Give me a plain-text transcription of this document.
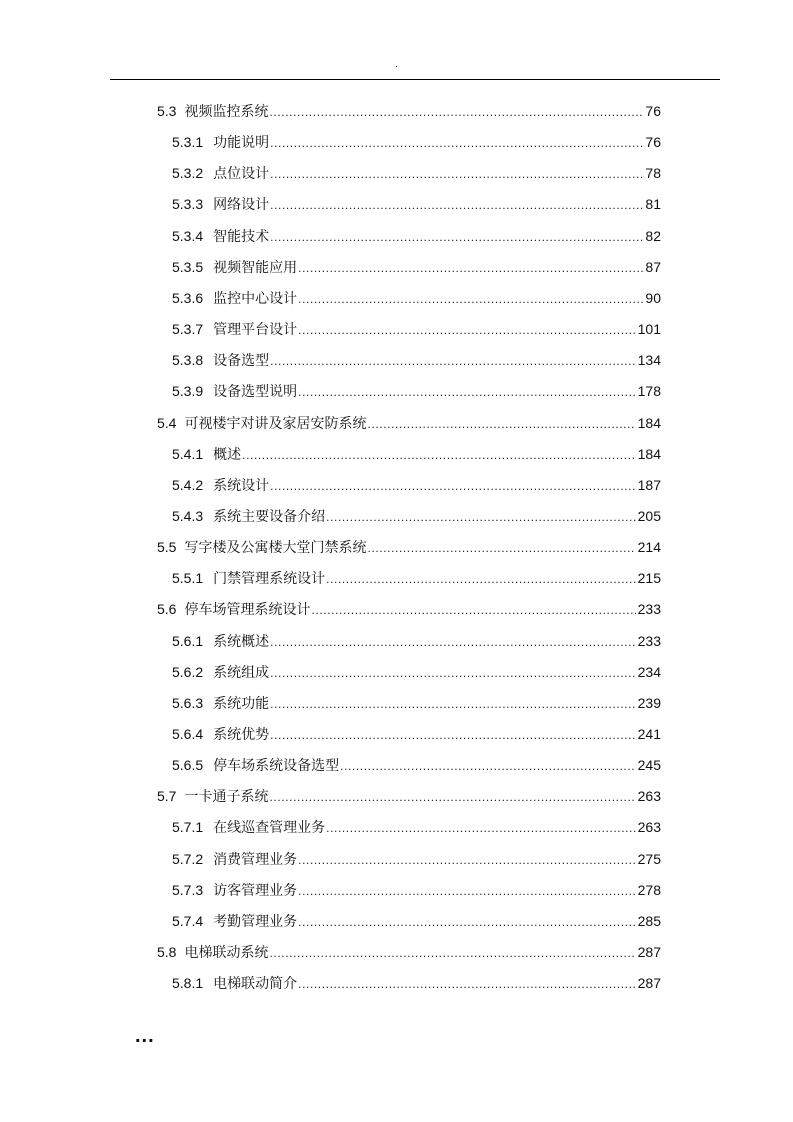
.
5.3 视频监控系统 .....	76
5.3.1 功能说明 .....	76
5.3.2 点位设计 .....	78
5.3.3 网络设计 .....	81
5.3.4 智能技术 .....	82
5.3.5 视频智能应用 .....	87
5.3.6 监控中心设计 .....	90
5.3.7 管理平台设计 .....	101
5.3.8 设备选型 .....	134
5.3.9 设备选型说明 .....	178
5.4 可视楼宇对讲及家居安防系统 .....	184
5.4.1 概述 .....	184
5.4.2 系统设计 .....	187
5.4.3 系统主要设备介绍 .....	205
5.5 写字楼及公寓楼大堂门禁系统 .....	214
5.5.1 门禁管理系统设计 .....	215
5.6 停车场管理系统设计 .....	233
5.6.1 系统概述 .....	233
5.6.2 系统组成 .....	234
5.6.3 系统功能 .....	239
5.6.4 系统优势 .....	241
5.6.5 停车场系统设备选型 .....	245
5.7 一卡通子系统 .....	263
5.7.1 在线巡查管理业务 .....	263
5.7.2 消费管理业务 .....	275
5.7.3 访客管理业务 .....	278
5.7.4 考勤管理业务 .....	285
5.8 电梯联动系统 .....	287
5.8.1 电梯联动简介 .....	287
...
